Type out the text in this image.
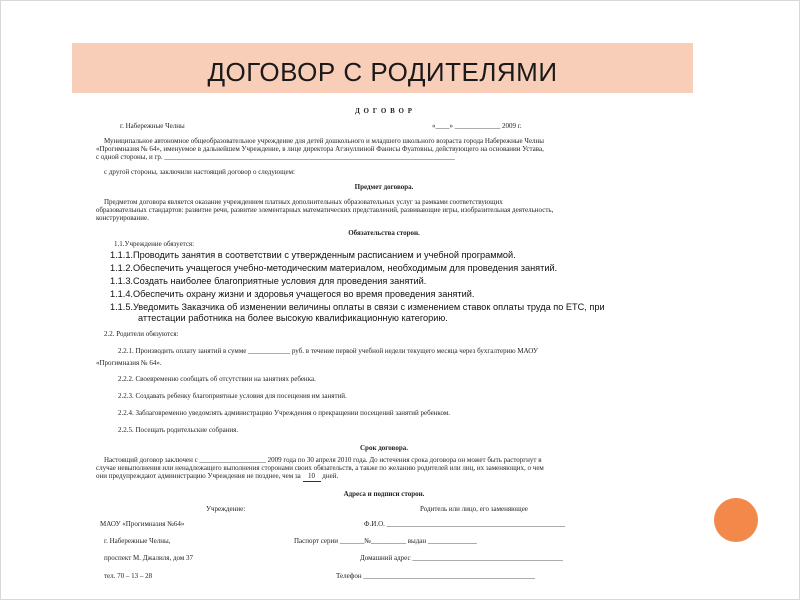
ДОГОВОР С РОДИТЕЛЯМИ
Д О Г О В О Р
г. Набережные Челны	«____» _____________ 2009 г.
Муниципальное автономное общеобразовательное учреждение для детей дошкольного и младшего школьного возраста города Набережные Челны
«Прогимназия № 64», именуемое в дальнейшем Учреждение, в лице директора Агзнуллиной Фанисы Фуатовны, действующего на основании Устава,
с одной стороны, и гр. ___________________________________________________________________________________
с другой стороны, заключили настоящий договор о следующем:
Предмет договора.
Предметом договора является оказание учреждением платных дополнительных образовательных услуг за рамками соответствующих
образовательных стандартов: развитие речи, развитие элементарных математических представлений, развивающие игры, изобразительная деятельность,
конструирование.
Обязательства сторон.
1.1.Учреждение обязуется:
1.1.1.Проводить занятия в соответствии с утвержденным расписанием и учебной программой.
1.1.2.Обеспечить учащегося учебно-методическим материалом, необходимым для проведения занятий.
1.1.3.Создать наиболее благоприятные условия для проведения занятий.
1.1.4.Обеспечить охрану жизни и здоровья учащегося во время проведения занятий.
1.1.5.Уведомить Заказчика об изменении величины оплаты в связи с изменением ставок оплаты труда по ЕТС, при
аттестации работника на более высокую квалификационную категорию.
2.2. Родители обязуются:
2.2.1. Производить оплату занятий в сумме ____________ руб. в течение первой учебной недели текущего месяца через бухгалтерию МАОУ
«Прогимназия № 64».
2.2.2. Своевременно сообщать об отсутствии на занятиях ребенка.
2.2.3. Создавать ребенку благоприятные условия для посещения им занятий.
2.2.4. Заблаговременно уведомлять администрацию Учреждения о прекращении посещений занятий ребенком.
2.2.5. Посещать родительские собрания.
Срок договора.
Настоящий договор заключен с ___________________ 2009 года по 30 апреля 2010 года. До истечения срока договора он может быть расторгнут в
случае невыполнения или ненадлежащего выполнения сторонами своих обязательств, а также по желанию родителей или лиц, их заменяющих, о чем
они предупреждают администрацию Учреждения не позднее, чем за 10 дней.
Адреса и подписи сторон.
Учреждение:	Родитель или лицо, его заменяющее
МАОУ «Прогимназия №64»
г. Набережные Челны,
проспект М. Джалиля, дом 37
тел. 70 – 13 – 28
Ф.И.О. ___________________________________________________
Паспорт серии _______№__________ выдан ______________
Домашний адрес ___________________________________________
Телефон _________________________________________________
